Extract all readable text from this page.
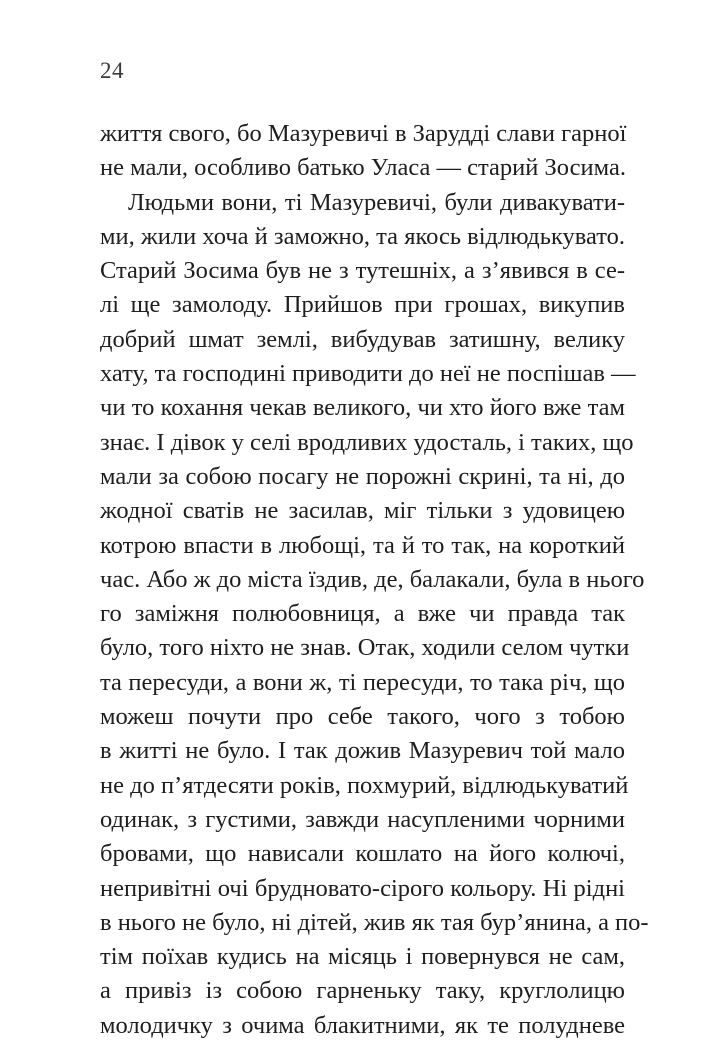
24
життя свого, бо Мазуревичі в Заруддi слави гарної
не мали, особливо батько Уласа — старий Зосима.
Людьми вони, ті Мазуревичі, були дивакувати-
ми, жили хоча й заможно, та якось відлюдькувато.
Старий Зосима був не з тутешніх, а з’явився в се-
лі ще замолоду. Прийшов при грошах, викупив
добрий шмат землі, вибудував затишну, велику
хату, та господині приводити до неї не поспішав —
чи то кохання чекав великого, чи хто його вже там
знає. І дівок у селі вродливих удосталь, і таких, що
мали за собою посагу не порожні скрині, та ні, до
жодної сватів не засилав, міг тільки з удовицею
котрою впасти в любощі, та й то так, на короткий
час. Або ж до міста їздив, де, балакали, була в нього
го заміжня полюбовниця, а вже чи правда так
було, того ніхто не знав. Отак, ходили селом чутки
та пересуди, а вони ж, ті пересуди, то така річ, що
можеш почути про себе такого, чого з тобою
в житті не було. І так дожив Мазуревич той мало
не до п’ятдесяти років, похмурий, відлюдькуватий
одинак, з густими, завжди насупленими чорними
бровами, що нависали кошлато на його колючі,
непривітні очі брудновато-сірого кольору. Ні рідні
в нього не було, ні дітей, жив як тая бур’янина, а по-
тім поїхав кудись на місяць і повернувся не сам,
а привіз із собою гарненьку таку, круглолицю
молодичку з очима блакитними, як те полудневе
